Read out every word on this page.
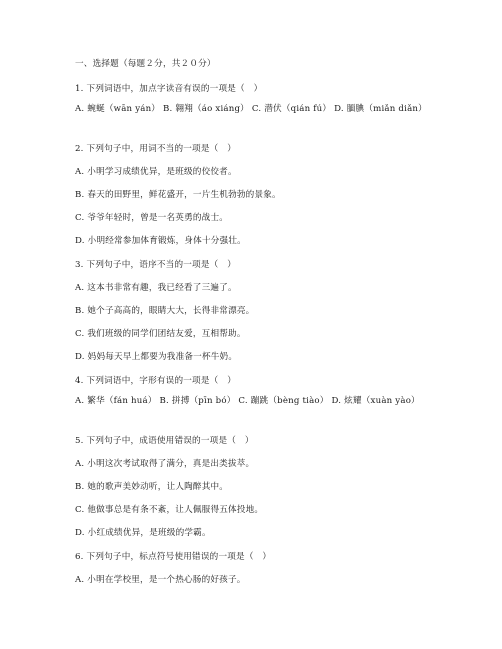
一、选择题（每题２分，共２０分）
1. 下列词语中，加点字读音有误的一项是（　）
A. 蜿蜒（wān yán） B. 翱翔（áo xiáng） C. 潜伏（qián fú） D. 腼腆（miǎn diǎn）
2. 下列句子中，用词不当的一项是（　）
A. 小明学习成绩优异，是班级的佼佼者。
B. 春天的田野里，鲜花盛开，一片生机勃勃的景象。
C. 爷爷年轻时，曾是一名英勇的战士。
D. 小明经常参加体育锻炼，身体十分强壮。
3. 下列句子中，语序不当的一项是（　）
A. 这本书非常有趣，我已经看了三遍了。
B. 她个子高高的，眼睛大大，长得非常漂亮。
C. 我们班级的同学们团结友爱，互相帮助。
D. 妈妈每天早上都要为我准备一杯牛奶。
4. 下列词语中，字形有误的一项是（　）
A. 繁华（fán huá） B. 拼搏（pīn bó） C. 蹦跳（bèng tiào） D. 炫耀（xuàn yào）
5. 下列句子中，成语使用错误的一项是（　）
A. 小明这次考试取得了满分，真是出类拔萃。
B. 她的歌声美妙动听，让人陶醉其中。
C. 他做事总是有条不紊，让人佩服得五体投地。
D. 小红成绩优异，是班级的学霸。
6. 下列句子中，标点符号使用错误的一项是（　）
A. 小明在学校里，是一个热心肠的好孩子。
